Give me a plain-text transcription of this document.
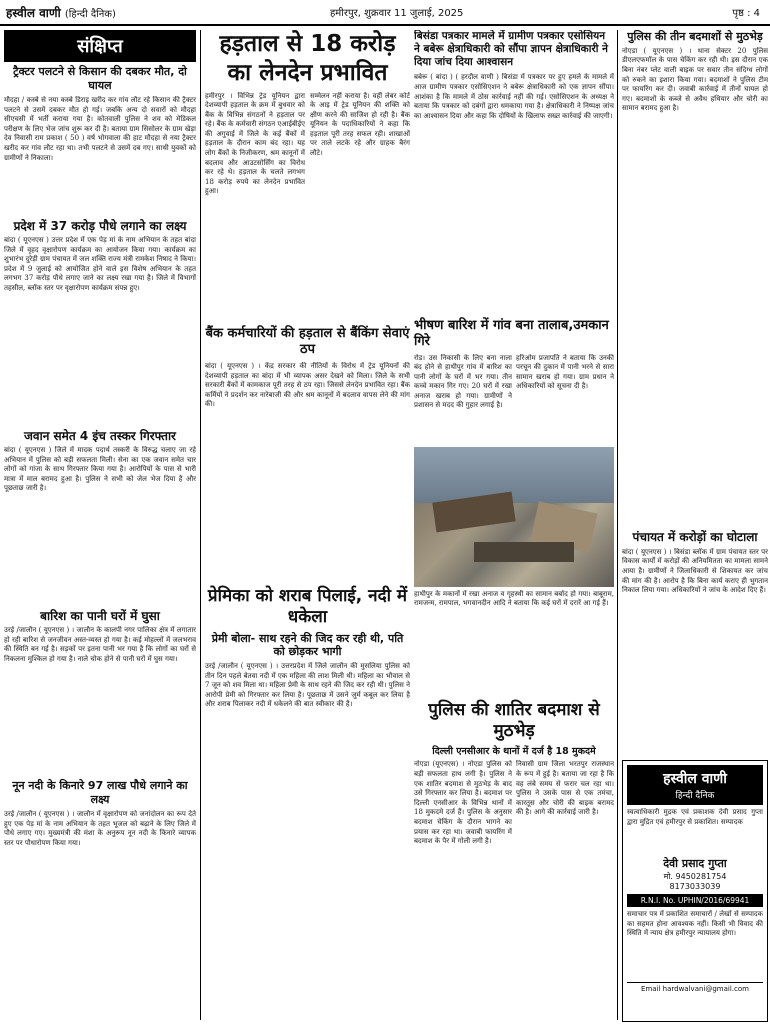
हस्वील वाणी (हिन्दी दैनिक)	हमीरपुर, शुक्रवार 11 जुलाई, 2025	पृष्ठ : 4
संक्षिप्त
ट्रैक्टर पलटने से किसान की दबकर मौत, दो घायल
मौदहा / कस्बे से नया कस्बे डिराइ खरीद कर गांव लौट रहे किसान की ट्रैक्टर पलटने से उसमें दबकर मौत हो गई। जबकि अन्य दो सवारों को मौदहा सीएचसी में भर्ती कराया गया है। कोतवाली पुलिस ने शव को मेडिकल परीक्षण के लिए भेज जांच शुरू कर दी है। बताया ग्राम सिसोलर के ग्राम खेड़ा देव निवासी राम प्रकाश ( 50 ) वर्ष भोगवाला की हाट मौदहा से नया ट्रैक्टर खरीद कर गांव लौट रहा था। तभी पलटने से उसमें दब गए। साथी युवकों को ग्रामीणों ने निकाला।
प्रदेश में 37 करोड़ पौधे लगाने का लक्ष्य
बांदा ( यूएनएस ) उत्तर प्रदेश में एक पेड़ मां के नाम अभियान के तहत बांदा जिले में वृहद वृक्षारोपण कार्यक्रम का आयोजन किया गया। कार्यक्रम का शुभारंभ दुरेड़ी ग्राम पंचायत में जल शक्ति राज्य मंत्री रामकेश निषाद ने किया। प्रदेश में 9 जुलाई को आयोजित होने वाले इस विशेष अभियान के तहत लगभग 37 करोड़ पौधे लगाए जाने का लक्ष्य रखा गया है। जिले में विभागों तहसील, ब्लॉक स्तर पर वृक्षारोपण कार्यक्रम संपन्न हुए।
जवान समेत 4 इंच तस्कर गिरफ्तार
बांदा ( यूएनएस ) जिले में मादक पदार्थ तस्करी के विरुद्ध चलाए जा रहे अभियान में पुलिस को बड़ी सफलता मिली। सेना का एक जवान समेत चार लोगों को गांजा के साथ गिरफ्तार किया गया है। आरोपियों के पास से भारी मात्रा में माल बरामद हुआ है। पुलिस ने सभी को जेल भेज दिया है और पूछताछ जारी है।
बारिश का पानी घरों में घुसा
उरई /जालौन ( यूएनएस ) । जालौन के कालपी नगर पालिका क्षेत्र में लगातार हो रही बारिश से जनजीवन अस्त-व्यस्त हो गया है। कई मोहल्लों में जलभराव की स्थिति बन गई है। सड़कों पर इतना पानी भर गया है कि लोगों का घरों से निकलना मुश्किल हो गया है। नाले चोक होने से पानी घरों में घुस गया।
नून नदी के किनारे 97 लाख पौधे लगाने का लक्ष्य
उरई /जालौन ( यूएनएस ) । जालौन में वृक्षारोपण को जनांदोलन का रूप देते हुए एक पेड़ मां के नाम अभियान के तहत भूजल को बढ़ाने के लिए जिले में पौधे लगाए गए। मुख्यमंत्री की मंशा के अनुरूप नून नदी के किनारे व्यापक स्तर पर पौधारोपण किया गया।
हड़ताल से 18 करोड़ का लेनदेन प्रभावित
हमीरपुर । विभिन्न ट्रेड यूनियन द्वारा देशव्यापी हड़ताल के क्रम में बुधवार को बैंक के विभिन्न संगठनों ने हड़ताल पर रहे। बैंक के कर्मचारी संगठन एआईबीईए की अगुवाई में जिले के कई बैंकों में हड़ताल के दौरान काम बंद रहा। यह लोग बैंकों के निजीकरण, श्रम कानूनों में बदलाव और आउटसोर्सिंग का विरोध कर रहे थे। हड़ताल के चलते लगभग 18 करोड़ रुपये का लेनदेन प्रभावित हुआ।
सम्मेलन नहीं कराया है। वहीं लेबर कोर्ट के आइ में ट्रेड यूनियन की शक्ति को क्षीण करने की साजिश हो रही है। बैंक यूनियन के पदाधिकारियों ने कहा कि हड़ताल पूरी तरह सफल रही। शाखाओं पर ताले लटके रहे और ग्राहक बैरंग लौटे।
बैंक कर्मचारियों की हड़ताल से बैंकिंग सेवाएं ठप
बांदा ( यूएनएस ) । केंद्र सरकार की नीतियों के विरोध में ट्रेड यूनियनों की देशव्यापी हड़ताल का बांदा में भी व्यापक असर देखने को मिला। जिले के सभी सरकारी बैंकों में कामकाज पूरी तरह से ठप रहा। जिससे लेनदेन प्रभावित रहा। बैंक कर्मियों ने प्रदर्शन कर नारेबाजी की और श्रम कानूनों में बदलाव वापस लेने की मांग की।
प्रेमिका को शराब पिलाई, नदी में धकेला
प्रेमी बोला- साथ रहने की जिद कर रही थी, पति को छोड़कर भागी
उरई /जालौन ( यूएनएस ) । उत्तरप्रदेश में जिले जालौन की मुसलिया पुलिस को तीन दिन पहले बेतवा नदी में एक महिला की लाश मिली थी। महिला का भौवाल से 7 जून को शव मिला था। महिला प्रेमी के साथ रहने की जिद कर रही थी। पुलिस ने आरोपी प्रेमी को गिरफ्तार कर लिया है। पूछताछ में उसने जुर्म कबूल कर लिया है और शराब पिलाकर नदी में धकेलने की बात स्वीकार की है।
बिसंडा पत्रकार मामले में ग्रामीण पत्रकार एसोसियन ने बबेरू क्षेत्राधिकारी को सौंपा ज्ञापन क्षेत्राधिकारी ने दिया जांच दिया आश्वासन
बबेरू ( बांदा ) ( हरदौल वाणी ) बिसंडा में पत्रकार पर हुए हमले के मामले में आज ग्रामीण पत्रकार एसोसिएशन ने बबेरू क्षेत्राधिकारी को एक ज्ञापन सौंपा। आशंका है कि मामले में ठोस कार्रवाई नहीं की गई। एसोसिएशन के अध्यक्ष ने बताया कि पत्रकार को दबंगों द्वारा धमकाया गया है। क्षेत्राधिकारी ने निष्पक्ष जांच का आश्वासन दिया और कहा कि दोषियों के खिलाफ सख्त कार्रवाई की जाएगी।
भीषण बारिश में गांव बना तालाब,उमकान गिरे
रोड। उस निकासी के लिए बना नाला बंद होने से हाथीपुर गांव में बारिश का पानी लोगों के घरों में भर गया। तीन कच्चे मकान गिर गए। 20 घरों में रखा अनाज खराब हो गया। ग्रामीणों ने प्रशासन से मदद की गुहार लगाई है।
हरिओम प्रजापति ने बताया कि उनकी परचून की दुकान में पानी भरने से सारा सामान खराब हो गया। ग्राम प्रधान ने अधिकारियों को सूचना दी है।
हाथीपुर के मकानों में रखा अनाज व गृहस्थी का सामान बर्बाद हो गया। बाबूराम, रामजन्म, रामपाल, भगवानदीन आदि ने बताया कि कई घरों में दरारें आ गई हैं।
पुलिस की शातिर बदमाश से मुठभेड़
दिल्ली एनसीआर के थानों में दर्ज है 18 मुकदमे
नोएडा (यूएनएस) । नोएडा पुलिस को बड़ी सफलता हाथ लगी है। पुलिस ने एक शातिर बदमाश से मुठभेड़ के बाद उसे गिरफ्तार कर लिया है। बदमाश पर दिल्ली एनसीआर के विभिन्न थानों में 18 मुकदमे दर्ज हैं। पुलिस के अनुसार बदमाश चेकिंग के दौरान भागने का प्रयास कर रहा था। जवाबी फायरिंग में बदमाश के पैर में गोली लगी है।
निवासी ग्राम जिला भरतपुर राजस्थान के रूप में हुई है। बताया जा रहा है कि वह लंबे समय से फरार चल रहा था। पुलिस ने उसके पास से एक तमंचा, कारतूस और चोरी की बाइक बरामद की है। आगे की कार्रवाई जारी है।
पुलिस की तीन बदमाशों से मुठभेड़
नोएडा ( यूएनएस ) । थाना सेक्टर 20 पुलिस डीएलएफमॉल के पास चेकिंग कर रही थी। इस दौरान एक बिना नंबर प्लेट वाली बाइक पर सवार तीन संदिग्ध लोगों को रुकने का इशारा किया गया। बदमाशों ने पुलिस टीम पर फायरिंग कर दी। जवाबी कार्रवाई में तीनों घायल हो गए। बदमाशों के कब्जे से अवैध हथियार और चोरी का सामान बरामद हुआ है।
पंचायत में करोड़ों का घोटाला
बांदा ( यूएनएस ) । बिसंडा ब्लॉक में ग्राम पंचायत स्तर पर विकास कार्यों में करोड़ों की अनियमितता का मामला सामने आया है। ग्रामीणों ने जिलाधिकारी से शिकायत कर जांच की मांग की है। आरोप है कि बिना कार्य कराए ही भुगतान निकाल लिया गया। अधिकारियों ने जांच के आदेश दिए हैं।
हस्वील वाणी
हिन्दी दैनिक
स्वत्वाधिकारी मुद्रक एवं प्रकाशक देवी प्रसाद गुप्ता द्वारा मुद्रित एवं हमीरपुर से प्रकाशित। सम्पादक
देवी प्रसाद गुप्ता
मो. 9450281754
8173033039
R.N.I. No. UPHIN/2016/69941
समाचार पत्र में प्रकाशित समाचारों / लेखों से सम्पादक का सहमत होना आवश्यक नहीं। किसी भी विवाद की स्थिति में न्याय क्षेत्र हमीरपुर न्यायालय होगा।
Email hardwalvani@gmail.com
